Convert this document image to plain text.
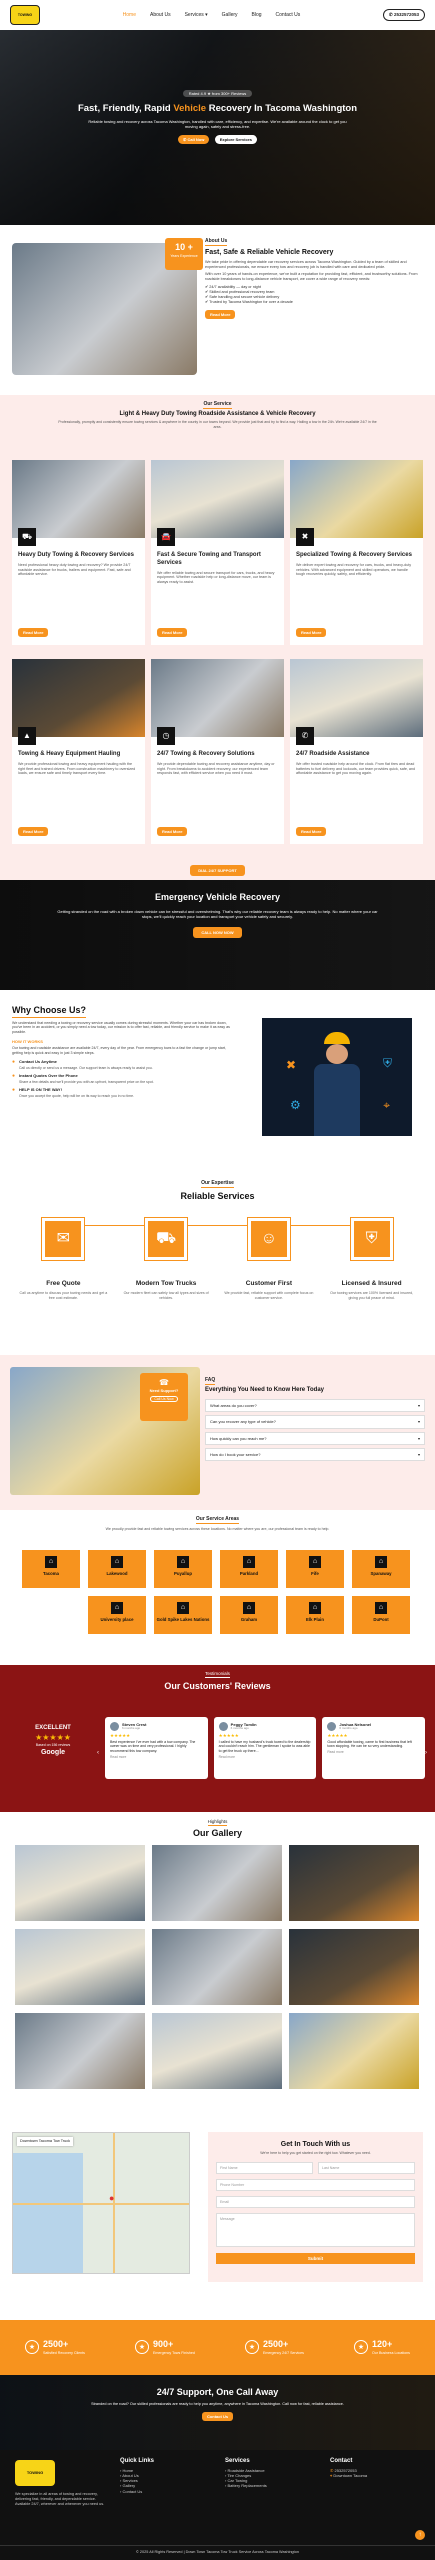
TOWING	Home	About Us	Services ▾	Gallery	Blog	Contact Us	✆ 2532572053
Rated 4.9 ★ from 300+ Reviews
Fast, Friendly, Rapid Vehicle Recovery In Tacoma Washington
Reliable towing and recovery across Tacoma Washington, handled with care, efficiency, and expertise. We're available around the clock to get you moving again, safely and stress-free.
✆ Call Now	Explore Services
10 +
Years Experience
About Us
Fast, Safe & Reliable Vehicle Recovery

We take pride in offering dependable car recovery services across Tacoma Washington. Guided by a team of skilled and experienced professionals, we ensure every tow and recovery job is handled with care and dedicated pride.

With over 10 years of hands-on experience, we've built a reputation for providing fast, efficient, and trustworthy solutions. From roadside breakdowns to long-distance vehicle transport, we cover a wide range of recovery needs:

✔ 24/7 availability — day or night
✔ Skilled and professional recovery team
✔ Safe handling and secure vehicle delivery
✔ Trusted by Tacoma Washington for over a decade
Read More
Our Service
Light & Heavy Duty Towing Roadside Assistance & Vehicle Recovery

Professionally, promptly and consistently ensure towing services & anywhere in the county in our towns beyond. We provide just that and try to find a way. Hailing a tow in the 24h. We're available 24/7 in the area.

⛟
Heavy Duty Towing & Recovery Services
Need professional heavy duty towing and recovery? We provide 24/7 roadside assistance for trucks, trailers and equipment. Fast, safe and affordable service.
Read More
🚘
Fast & Secure Towing and Transport Services
We offer reliable towing and secure transport for cars, trucks, and heavy equipment. Whether roadside help or long-distance move, our team is always ready to assist.
Read More
✖
Specialized Towing & Recovery Services
We deliver expert towing and recovery for cars, trucks, and heavy-duty vehicles. With advanced equipment and skilled operators, we handle tough recoveries quickly, safely, and efficiently.
Read More
▲
Towing & Heavy Equipment Hauling
We provide professional towing and heavy equipment hauling with the right fleet and trained drivers. From construction machinery to oversized loads, we ensure safe and timely transport every time.
Read More
◷
24/7 Towing & Recovery Solutions
We provide dependable towing and recovery assistance anytime, day or night. From breakdowns to accident recovery, our experienced team responds fast, with efficient service when you need it most.
Read More
✆
24/7 Roadside Assistance
We offer trusted roadside help around the clock. From flat tires and dead batteries to fuel delivery and lockouts, our team provides quick, safe, and affordable assistance to get you moving again.
Read More
DIAL 24/7 SUPPORT
Emergency Vehicle Recovery

Getting stranded on the road with a broken down vehicle can be stressful and overwhelming. That's why our reliable recovery team is always ready to help. No matter where your car stops, we'll quickly reach your location and transport your vehicle safely and securely.

CALL NOW NOW
Why Choose Us?

We understand that needing a towing or recovery service usually comes during stressful moments. Whether your car has broken down, you've been in an accident, or you simply need a tow today, our mission is to offer fast, reliable, and friendly service to make it as easy as possible.

HOW IT WORKS

Our towing and roadside assistance are available 24/7, every day of the year. From emergency tows to a fast tire change or jump start, getting help is quick and easy in just 3 simple steps.

● Contact Us Anytime
Call us directly or send us a message. Our support team is always ready to assist you.
● Instant Quotes Over the Phone
Share a few details and we'll provide you with an upfront, transparent price on the spot.
● HELP IS ON THE WAY!
Once you accept the quote, help will be on its way to reach you in no time.
✖	⛨
⚙	⌖
Our Expertise
Reliable Services
✉
Free Quote
Call us anytime to discuss your towing needs and get a free cost estimate.
⛟
Modern Tow Trucks
Our modern fleet can safely tow all types and sizes of vehicles.
☺
Customer First
We provide fast, reliable support with complete focus on customer service.
⛨
Licensed & Insured
Our towing services are 100% licensed and insured, giving you full peace of mind.
☎
Need Support?
Call Us Now
FAQ
Everything You Need to Know Here Today
What areas do you cover?	▾
Can you recover any type of vehicle?	▾
How quickly can you reach me?	▾
How do I book your service?	▾
Our Service Areas

We proudly provide fast and reliable towing services across these locations. No matter where you are, our professional team is ready to help.

⌂
Tacoma
⌂
Lakewood
⌂
Puyallup
⌂
Parkland
⌂
Fife
⌂
Spanaway
⌂
University place
⌂
Gold Spike Lakes Nations
⌂
Graham
⌂
Elk Plain
⌂
DuPont
Testimonials
Our Customers' Reviews
EXCELLENT
★★★★★
Based on 156 reviews
Google	‹	›
Steven Crest
6 months ago
★★★★★
Best experience I've ever had with a tow company. The owner was on time and very professional. I highly recommend this tow company.
Read more
Peggy Tumlin
6 months ago
★★★★★
I called to have my husband's truck towed to the dealership and couldn't reach him. The gentleman I spoke to was able to get the truck up there...
Read more
Joshua Nelsonel
6 months ago
★★★★★
Good affordable towing, came to first business that left town stopping. He can be so very understanding.
Read more
Highlights
Our Gallery
Downtown Tacoma Tow Truck
●
Get In Touch With us

We're here to help you get started on the right tow. Whatever you need.

First Name	Last Name
Phone Number
Email
Message
Submit
★ 2500+
Satisfied Recovery Clients
★ 900+
Emergency Tows Finished
★ 2500+
Emergency 24/7 Services
★ 120+
Our Business Locations
24/7 Support, One Call Away

Stranded on the road? Our skilled professionals are ready to help you anytime, anywhere in Tacoma Washington. Call now for fast, reliable assistance.

Contact Us
TOWING

We specialize in all areas of towing and recovery, delivering fast, friendly, and dependable service. Available 24/7, wherever and whenever you need us.

Quick Links
› Home
› About Us
› Services
› Gallery
› Contact Us
Services
› Roadside Assistance
› Tire Changes
› Car Towing
› Battery Replacements
Contact
✆ 2532572053
⌖ Downtown Tacoma
© 2025 All Rights Reserved | Down Town Tacoma Tow Truck Service Across Tacoma Washington
↑
